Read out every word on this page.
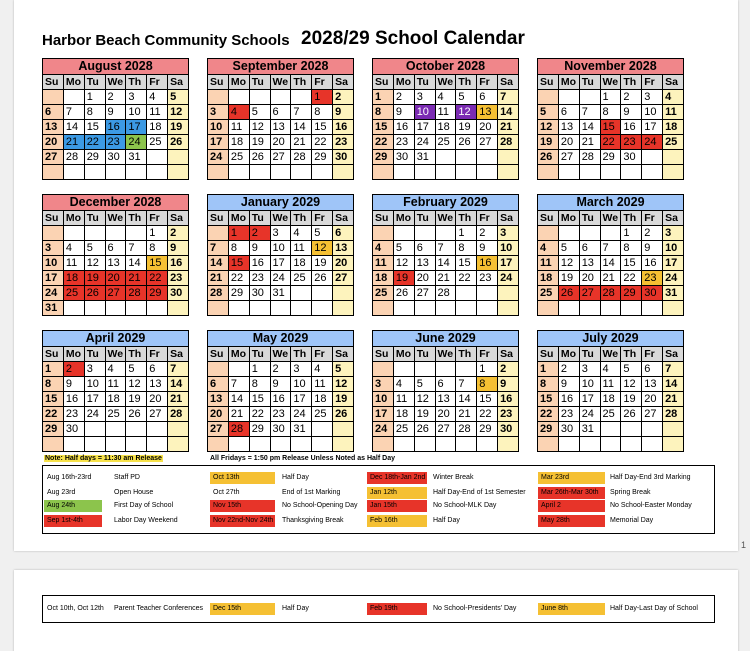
1
Harbor Beach Community Schools 2028/29 School Calendar
August 2028
Su	Mo	Tu	We	Th	Fr	Sa
		1	2	3	4	5
6	7	8	9	10	11	12
13	14	15	16	17	18	19
20	21	22	23	24	25	26
27	28	29	30	31		

September 2028
Su	Mo	Tu	We	Th	Fr	Sa
					1	2
3	4	5	6	7	8	9
10	11	12	13	14	15	16
17	18	19	20	21	22	23
24	25	26	27	28	29	30

October 2028
Su	Mo	Tu	We	Th	Fr	Sa
1	2	3	4	5	6	7
8	9	10	11	12	13	14
15	16	17	18	19	20	21
22	23	24	25	26	27	28
29	30	31				

November 2028
Su	Mo	Tu	We	Th	Fr	Sa
			1	2	3	4
5	6	7	8	9	10	11
12	13	14	15	16	17	18
19	20	21	22	23	24	25
26	27	28	29	30		

December 2028
Su	Mo	Tu	We	Th	Fr	Sa
					1	2
3	4	5	6	7	8	9
10	11	12	13	14	15	16
17	18	19	20	21	22	23
24	25	26	27	28	29	30
31						
January 2029
Su	Mo	Tu	We	Th	Fr	Sa
	1	2	3	4	5	6
7	8	9	10	11	12	13
14	15	16	17	18	19	20
21	22	23	24	25	26	27
28	29	30	31			

February 2029
Su	Mo	Tu	We	Th	Fr	Sa
				1	2	3
4	5	6	7	8	9	10
11	12	13	14	15	16	17
18	19	20	21	22	23	24
25	26	27	28			

March 2029
Su	Mo	Tu	We	Th	Fr	Sa
				1	2	3
4	5	6	7	8	9	10
11	12	13	14	15	16	17
18	19	20	21	22	23	24
25	26	27	28	29	30	31

April 2029
Su	Mo	Tu	We	Th	Fr	Sa
1	2	3	4	5	6	7
8	9	10	11	12	13	14
15	16	17	18	19	20	21
22	23	24	25	26	27	28
29	30					

May 2029
Su	Mo	Tu	We	Th	Fr	Sa
		1	2	3	4	5
6	7	8	9	10	11	12
13	14	15	16	17	18	19
20	21	22	23	24	25	26
27	28	29	30	31		

June 2029
Su	Mo	Tu	We	Th	Fr	Sa
					1	2
3	4	5	6	7	8	9
10	11	12	13	14	15	16
17	18	19	20	21	22	23
24	25	26	27	28	29	30

July 2029
Su	Mo	Tu	We	Th	Fr	Sa
1	2	3	4	5	6	7
8	9	10	11	12	13	14
15	16	17	18	19	20	21
22	23	24	25	26	27	28
29	30	31				

Note: Half days = 11:30 am Release	All Fridays = 1:50 pm Release Unless Noted as Half Day
Aug 16th-23rd	Staff PD
Aug 23rd	Open House
Aug 24th	First Day of School
Sep 1st-4th	Labor Day Weekend
Oct 13th	Half Day
Oct 27th	End of 1st Marking
Nov 15th	No School-Opening Day
Nov 22nd-Nov 24th Thanksgiving Break
Dec 18th-Jan 2nd Winter Break
Jan 12th	Half Day-End of 1st Semester
Jan 15th	No School-MLK Day
Feb 16th	Half Day
Mar 23rd	Half Day-End 3rd Marking
Mar 26th-Mar 30th	Spring Break
April 2	No School-Easter Monday
May 28th	Memorial Day
Oct 10th, Oct 12th Parent Teacher Conferences	Dec 15th	Half Day	Feb 19th	No School-Presidents' Day	June 8th	Half Day-Last Day of School
